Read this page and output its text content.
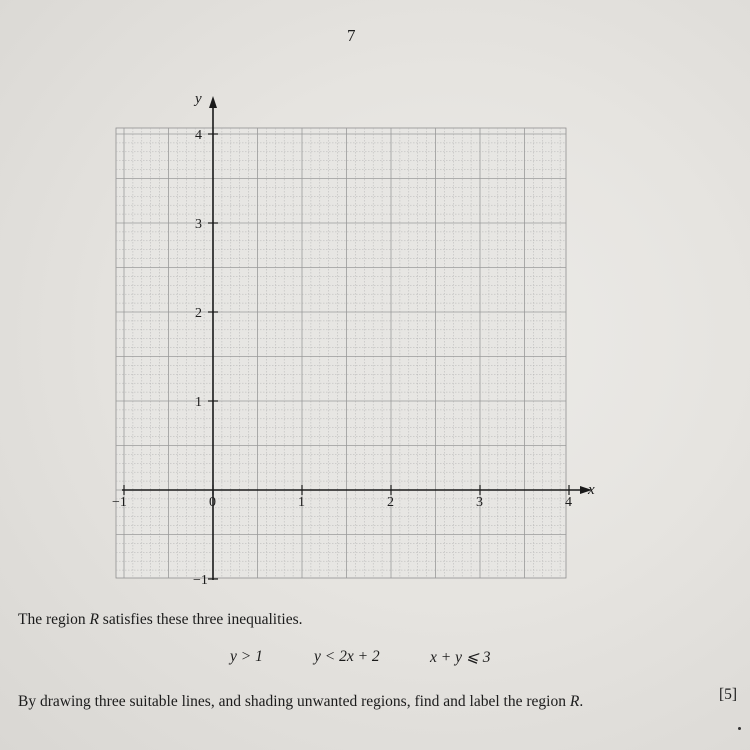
7
−1	0	1	2	3	4
4
3
2
1
−1
x
y
The region R satisfies these three inequalities.
y > 1	y < 2x + 2	x + y ⩽ 3
By drawing three suitable lines, and shading unwanted regions, find and label the region R.	[5]
